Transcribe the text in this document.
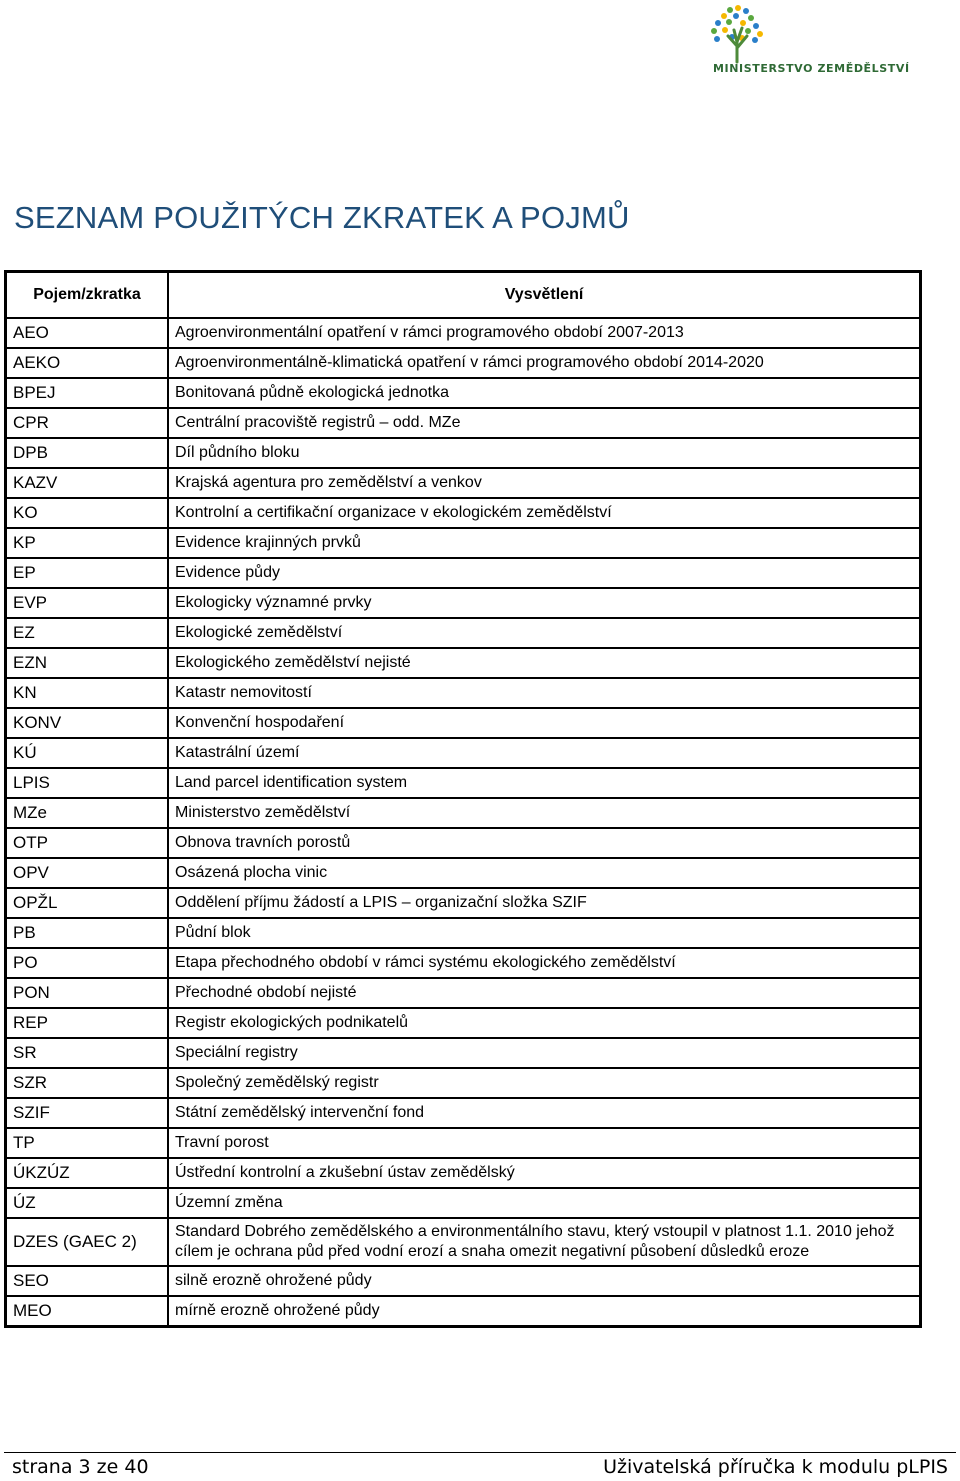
MINISTERSTVO ZEMĚDĚLSTVÍ
SEZNAM POUŽITÝCH ZKRATEK A POJMŮ
Pojem/zkratka	Vysvětlení
AEO	Agroenvironmentální opatření v rámci programového období 2007-2013
AEKO	Agroenvironmentálně-klimatická opatření v rámci programového období 2014-2020
BPEJ	Bonitovaná půdně ekologická jednotka
CPR	Centrální pracoviště registrů – odd. MZe
DPB	Díl půdního bloku
KAZV	Krajská agentura pro zemědělství a venkov
KO	Kontrolní a certifikační organizace v ekologickém zemědělství
KP	Evidence krajinných prvků
EP	Evidence půdy
EVP	Ekologicky významné prvky
EZ	Ekologické zemědělství
EZN	Ekologického zemědělství nejisté
KN	Katastr nemovitostí
KONV	Konvenční hospodaření
KÚ	Katastrální území
LPIS	Land parcel identification system
MZe	Ministerstvo zemědělství
OTP	Obnova travních porostů
OPV	Osázená plocha vinic
OPŽL	Oddělení příjmu žádostí a LPIS – organizační složka SZIF
PB	Půdní blok
PO	Etapa přechodného období v rámci systému ekologického zemědělství
PON	Přechodné období nejisté
REP	Registr ekologických podnikatelů
SR	Speciální registry
SZR	Společný zemědělský registr
SZIF	Státní zemědělský intervenční fond
TP	Travní porost
ÚKZÚZ	Ústřední kontrolní a zkušební ústav zemědělský
ÚZ	Územní změna
DZES (GAEC 2)	Standard Dobrého zemědělského a environmentálního stavu, který vstoupil v platnost 1.1. 2010 jehož cílem je ochrana půd před vodní erozí a snaha omezit negativní působení důsledků eroze
SEO	silně erozně ohrožené půdy
MEO	mírně erozně ohrožené půdy
strana 3 ze 40	Uživatelská příručka k modulu pLPIS
